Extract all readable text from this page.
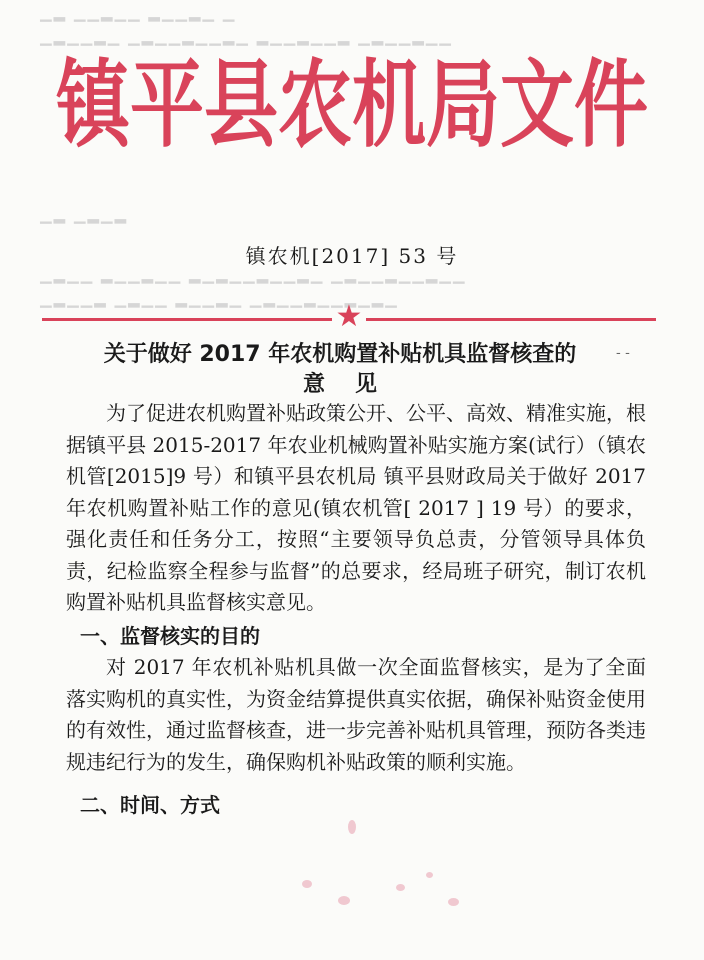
▁▂ ▁▁▂▁▁ ▂▁▁▂▁ ▁
▁▂▁▁▂▁ ▁▂▁▁▂▁▁▂▁ ▂▁▁▂▁▁▂ ▁▂▁▁▂▁▁
▁▂ ▁▂▁▂
▁▂▁▁ ▂▁▁▂▁▁ ▂▁▂▁▁▂▁▁▂▁ ▁▂▁▁▂▁▁▂▁▁
▁▂▁▁▂ ▁▂▁▁ ▂▁▁▂▁ ▁▂▁▁▂▁▁▂▁▂▁
镇平县农机局文件
镇农机[2017] 53 号
★
关于做好 2017 年农机购置补贴机具监督核查的
意见
- -

为了促进农机购置补贴政策公开、公平、高效、精准实施，根据镇平县 2015-2017 年农业机械购置补贴实施方案(试行）（镇农机管[2015]9 号）和镇平县农机局 镇平县财政局关于做好 2017 年农机购置补贴工作的意见(镇农机管[ 2017 ] 19 号）的要求，强化责任和任务分工，按照“主要领导负总责，分管领导具体负责，纪检监察全程参与监督”的总要求，经局班子研究，制订农机购置补贴机具监督核实意见。

一、监督核实的目的

对 2017 年农机补贴机具做一次全面监督核实，是为了全面落实购机的真实性，为资金结算提供真实依据，确保补贴资金使用的有效性，通过监督核查，进一步完善补贴机具管理，预防各类违规违纪行为的发生，确保购机补贴政策的顺利实施。

二、时间、方式
